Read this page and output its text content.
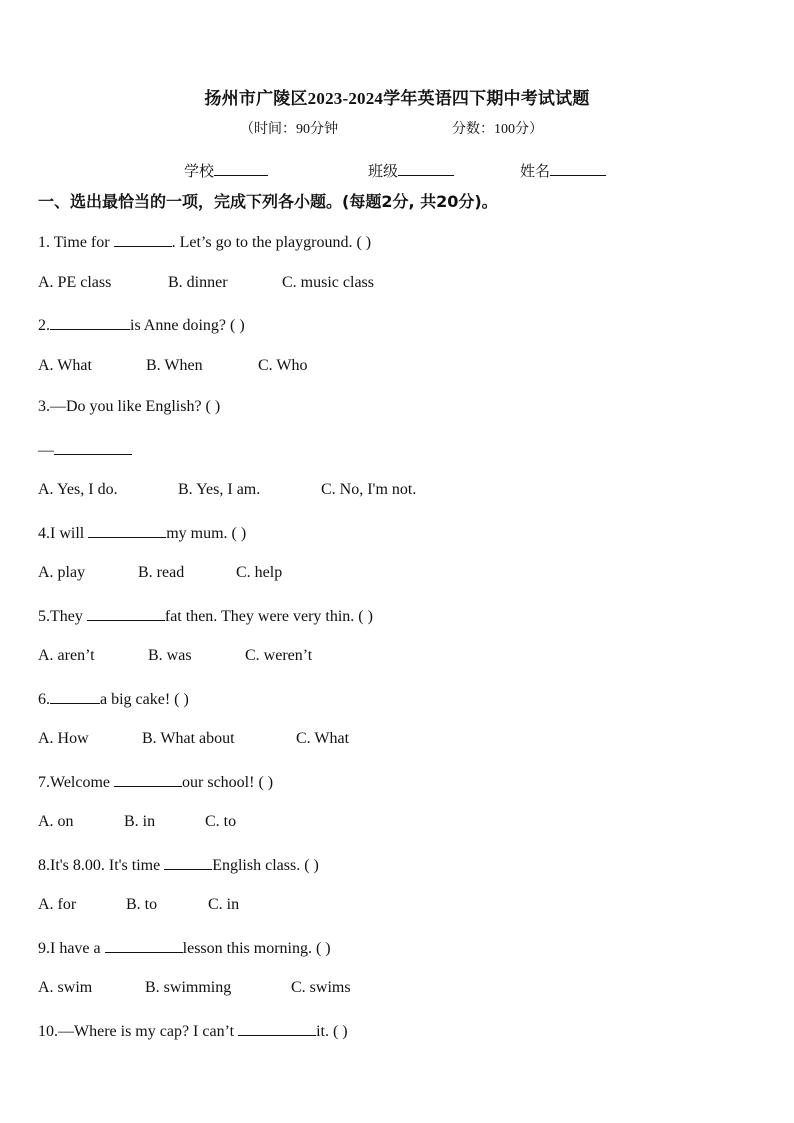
扬州市广陵区2023-2024学年英语四下期中考试试题
（时间：90分钟	分数：100分）
学校	班级	姓名
一、选出最恰当的一项，完成下列各小题。(每题2分, 共20分)。
1. Time for	. Let’s go to the playground. ( )
A. PE class	B. dinner	C. music class
2.	is Anne doing? ( )
A. What	B. When	C. Who
3.—Do you like English? ( )
—
A. Yes, I do.	B. Yes, I am.	C. No, I'm not.
4.I will	my mum. ( )
A. play	B. read	C. help
5.They	fat then. They were very thin. ( )
A. aren’t	B. was	C. weren’t
6.	a big cake! ( )
A. How	B. What about	C. What
7.Welcome	our school! ( )
A. on	B. in	C. to
8.It's 8.00. It's time	English class. ( )
A. for	B. to	C. in
9.I have a	lesson this morning. ( )
A. swim	B. swimming	C. swims
10.—Where is my cap? I can’t	it. ( )
